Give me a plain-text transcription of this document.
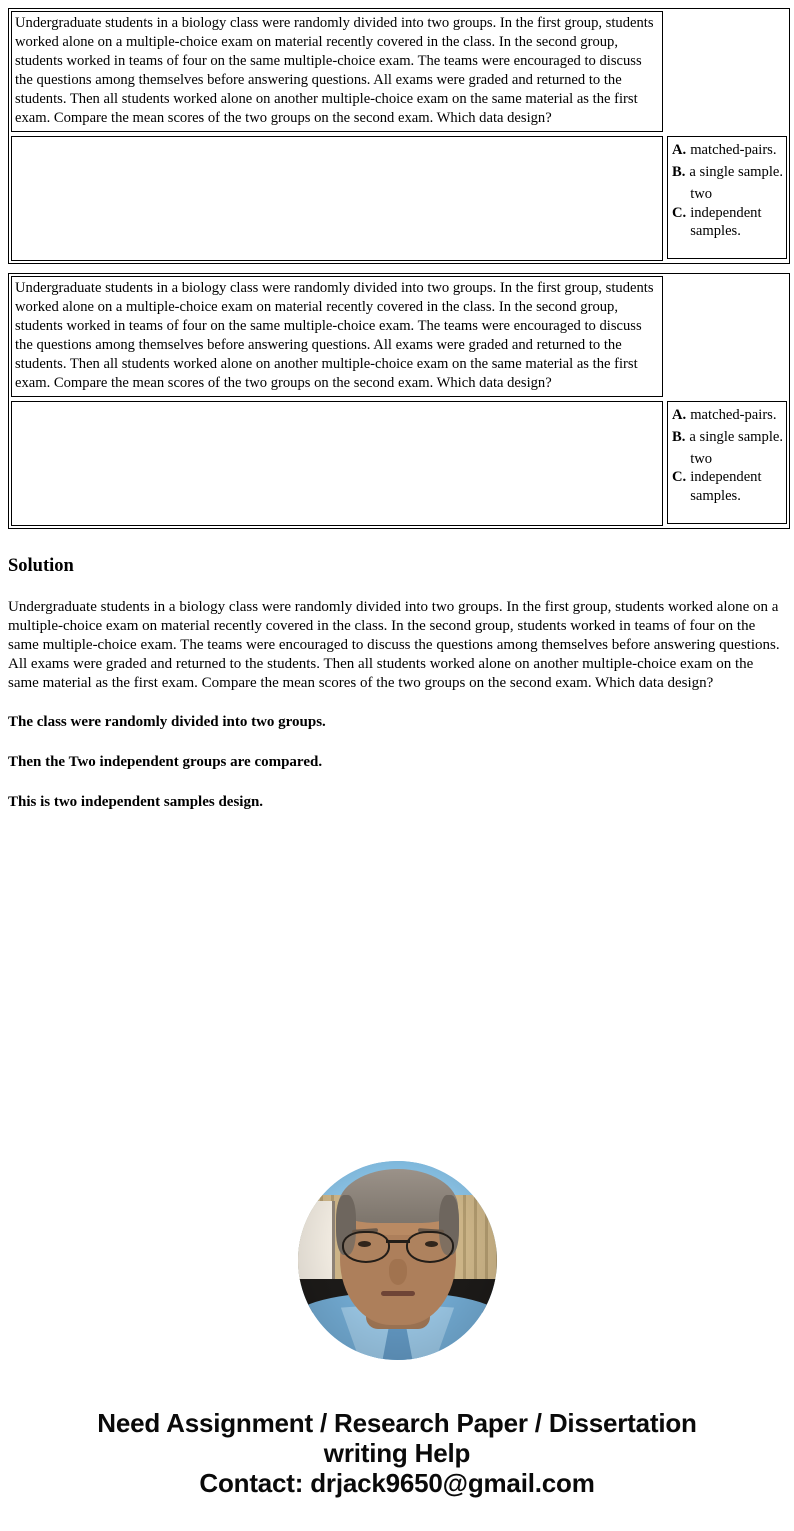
Undergraduate students in a biology class were randomly divided into two groups. In the first group, students worked alone on a multiple-choice exam on material recently covered in the class. In the second group, students worked in teams of four on the same multiple-choice exam. The teams were encouraged to discuss the questions among themselves before answering questions. All exams were graded and returned to the students. Then all students worked alone on another multiple-choice exam on the same material as the first exam. Compare the mean scores of the two groups on the second exam. Which data design?	

A. matched-pairs.
B. a single sample.
C.
two independent samples.
Undergraduate students in a biology class were randomly divided into two groups. In the first group, students worked alone on a multiple-choice exam on material recently covered in the class. In the second group, students worked in teams of four on the same multiple-choice exam. The teams were encouraged to discuss the questions among themselves before answering questions. All exams were graded and returned to the students. Then all students worked alone on another multiple-choice exam on the same material as the first exam. Compare the mean scores of the two groups on the second exam. Which data design?	

A. matched-pairs.
B. a single sample.
C.
two independent samples.
Solution

Undergraduate students in a biology class were randomly divided into two groups. In the first group, students worked alone on a multiple-choice exam on material recently covered in the class. In the second group, students worked in teams of four on the same multiple-choice exam. The teams were encouraged to discuss the questions among themselves before answering questions. All exams were graded and returned to the students. Then all students worked alone on another multiple-choice exam on the same material as the first exam. Compare the mean scores of the two groups on the second exam. Which data design?

The class were randomly divided into two groups.

Then the Two independent groups are compared.

This is two independent samples design.

Need Assignment / Research Paper / Dissertation
writing Help
Contact: drjack9650@gmail.com
